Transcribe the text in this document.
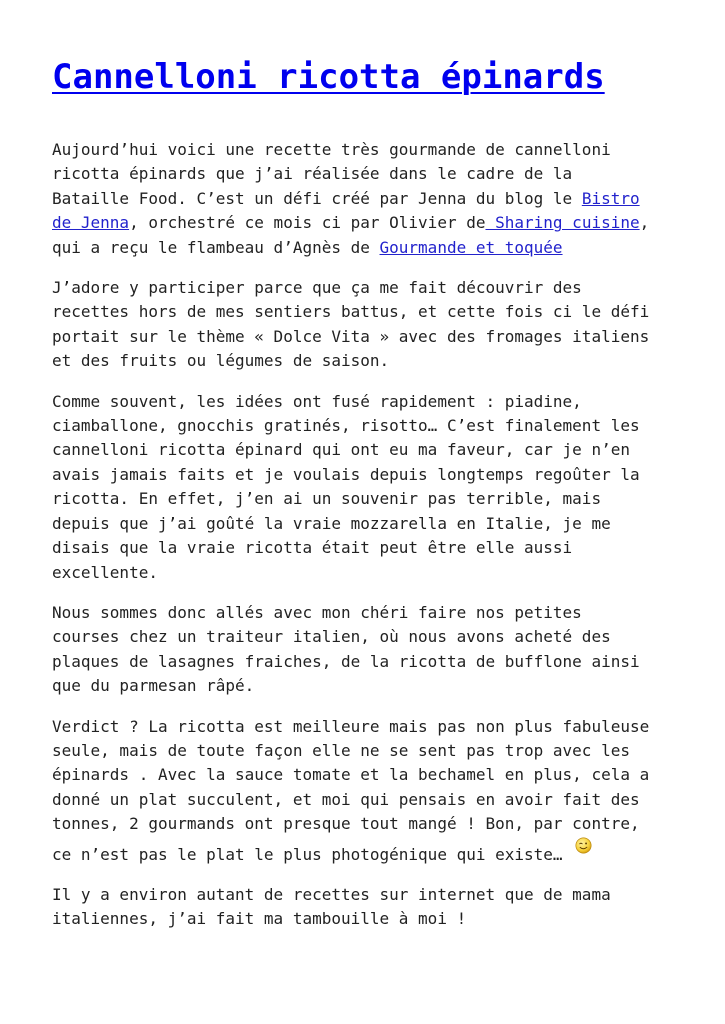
Cannelloni ricotta épinards

Aujourd’hui voici une recette très gourmande de cannelloni
ricotta épinards que j’ai réalisée dans le cadre de la
Bataille Food. C’est un défi créé par Jenna du blog le Bistro
de Jenna, orchestré ce mois ci par Olivier de Sharing cuisine,
qui a reçu le flambeau d’Agnès de Gourmande et toquée

J’adore y participer parce que ça me fait découvrir des
recettes hors de mes sentiers battus, et cette fois ci le défi
portait sur le thème « Dolce Vita » avec des fromages italiens
et des fruits ou légumes de saison.

Comme souvent, les idées ont fusé rapidement : piadine,
ciamballone, gnocchis gratinés, risotto… C’est finalement les
cannelloni ricotta épinard qui ont eu ma faveur, car je n’en
avais jamais faits et je voulais depuis longtemps regoûter la
ricotta. En effet, j’en ai un souvenir pas terrible, mais
depuis que j’ai goûté la vraie mozzarella en Italie, je me
disais que la vraie ricotta était peut être elle aussi
excellente.

Nous sommes donc allés avec mon chéri faire nos petites
courses chez un traiteur italien, où nous avons acheté des
plaques de lasagnes fraiches, de la ricotta de bufflone ainsi
que du parmesan râpé.

Verdict ? La ricotta est meilleure mais pas non plus fabuleuse
seule, mais de toute façon elle ne se sent pas trop avec les
épinards . Avec la sauce tomate et la bechamel en plus, cela a
donné un plat succulent, et moi qui pensais en avoir fait des
tonnes, 2 gourmands ont presque tout mangé ! Bon, par contre,
ce n’est pas le plat le plus photogénique qui existe…

Il y a environ autant de recettes sur internet que de mama
italiennes, j’ai fait ma tambouille à moi !
